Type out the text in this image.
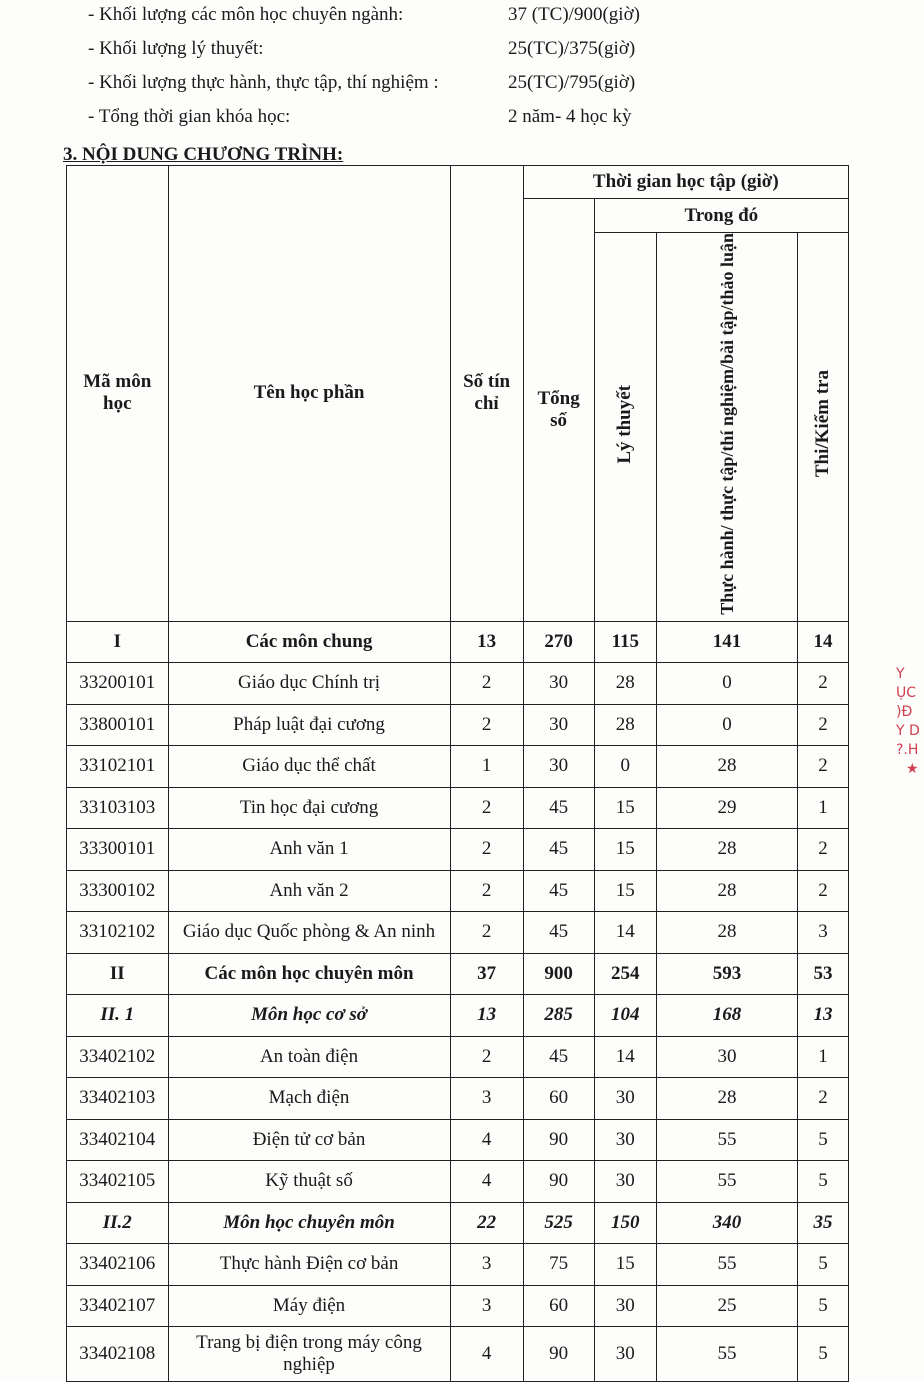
- Khối lượng các môn học chuyên ngành:	37 (TC)/900(giờ)
- Khối lượng lý thuyết:	25(TC)/375(giờ)
- Khối lượng thực hành, thực tập, thí nghiệm :	25(TC)/795(giờ)
- Tổng thời gian khóa học:	2 năm- 4 học kỳ
3. NỘI DUNG CHƯƠNG TRÌNH:
Mã môn học	Tên học phần	Số tín chỉ	Thời gian học tập (giờ)			
			Tổng số	Trong đó		
				Lý thuyết	Thực hành/ thực tập/thí nghiệm/bài tập/thảo luận	Thi/Kiểm tra
I	Các môn chung	13	270	115	141	14
33200101	Giáo dục Chính trị	2	30	28	0	2
33800101	Pháp luật đại cương	2	30	28	0	2
33102101	Giáo dục thể chất	1	30	0	28	2
33103103	Tin học đại cương	2	45	15	29	1
33300101	Anh văn 1	2	45	15	28	2
33300102	Anh văn 2	2	45	15	28	2
33102102	Giáo dục Quốc phòng & An ninh	2	45	14	28	3
II	Các môn học chuyên môn	37	900	254	593	53
II. 1	Môn học cơ sở	13	285	104	168	13
33402102	An toàn điện	2	45	14	30	1
33402103	Mạch điện	3	60	30	28	2
33402104	Điện tử cơ bản	4	90	30	55	5
33402105	Kỹ thuật số	4	90	30	55	5
II.2	Môn học chuyên môn	22	525	150	340	35
33402106	Thực hành Điện cơ bản	3	75	15	55	5
33402107	Máy điện	3	60	30	25	5
33402108	Trang bị điện trong máy công nghiệp	4	90	30	55	5
Y
ỤC
)Đ
Y D
?.H
★
